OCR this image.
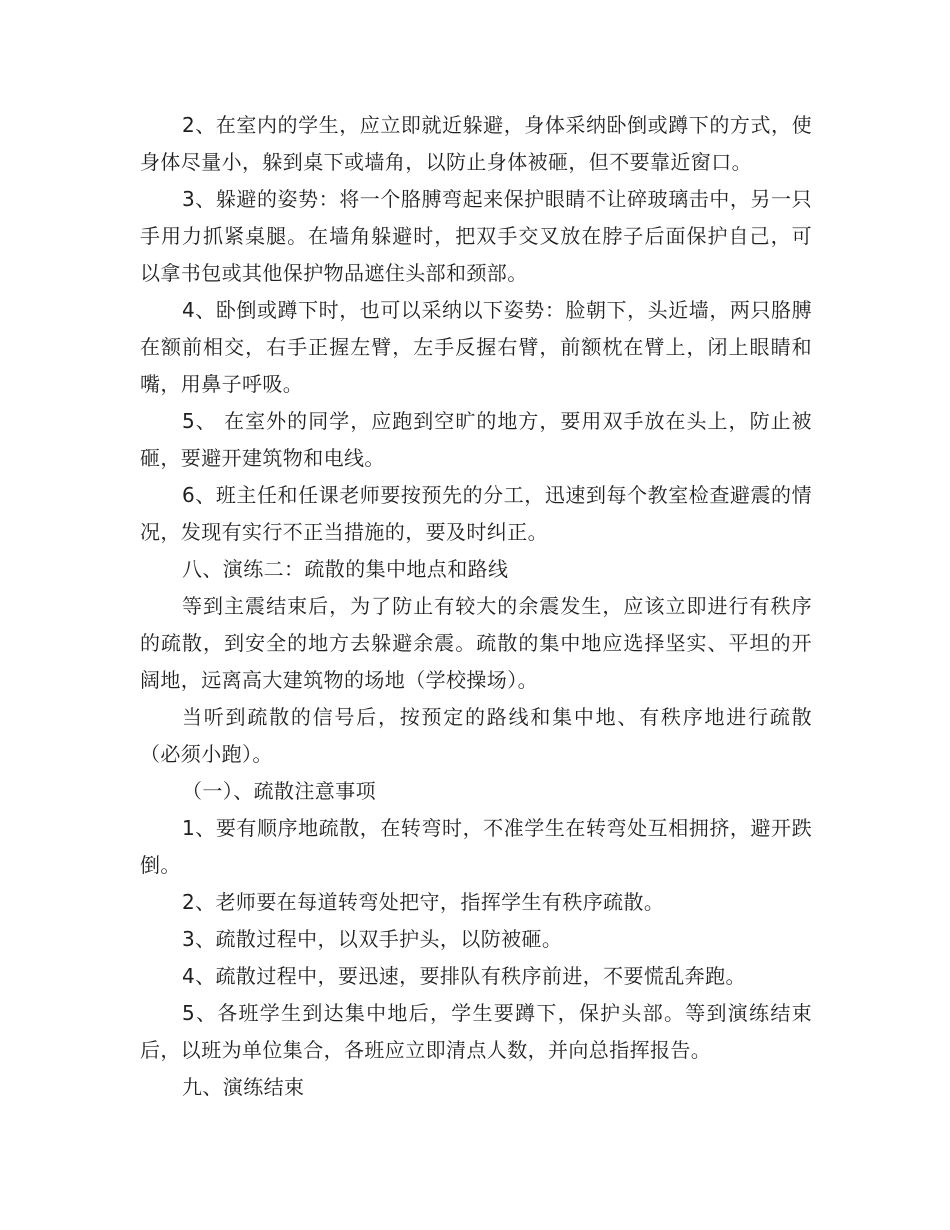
2、在室内的学生，应立即就近躲避，身体采纳卧倒或蹲下的方式，使身体尽量小，躲到桌下或墙角，以防止身体被砸，但不要靠近窗口。

3、躲避的姿势：将一个胳膊弯起来保护眼睛不让碎玻璃击中，另一只手用力抓紧桌腿。在墙角躲避时，把双手交叉放在脖子后面保护自己，可以拿书包或其他保护物品遮住头部和颈部。

4、卧倒或蹲下时，也可以采纳以下姿势：脸朝下，头近墙，两只胳膊在额前相交，右手正握左臂，左手反握右臂，前额枕在臂上，闭上眼睛和嘴，用鼻子呼吸。

5、 在室外的同学，应跑到空旷的地方，要用双手放在头上，防止被砸，要避开建筑物和电线。

6、班主任和任课老师要按预先的分工，迅速到每个教室检查避震的情况，发现有实行不正当措施的，要及时纠正。

八、演练二：疏散的集中地点和路线

等到主震结束后，为了防止有较大的余震发生，应该立即进行有秩序的疏散，到安全的地方去躲避余震。疏散的集中地应选择坚实、平坦的开阔地，远离高大建筑物的场地（学校操场）。

当听到疏散的信号后，按预定的路线和集中地、有秩序地进行疏散（必须小跑）。

（一）、疏散注意事项

1、要有顺序地疏散，在转弯时，不准学生在转弯处互相拥挤，避开跌倒。

2、老师要在每道转弯处把守，指挥学生有秩序疏散。

3、疏散过程中，以双手护头，以防被砸。

4、疏散过程中，要迅速，要排队有秩序前进，不要慌乱奔跑。

5、各班学生到达集中地后，学生要蹲下，保护头部。等到演练结束后，以班为单位集合，各班应立即清点人数，并向总指挥报告。

九、演练结束
